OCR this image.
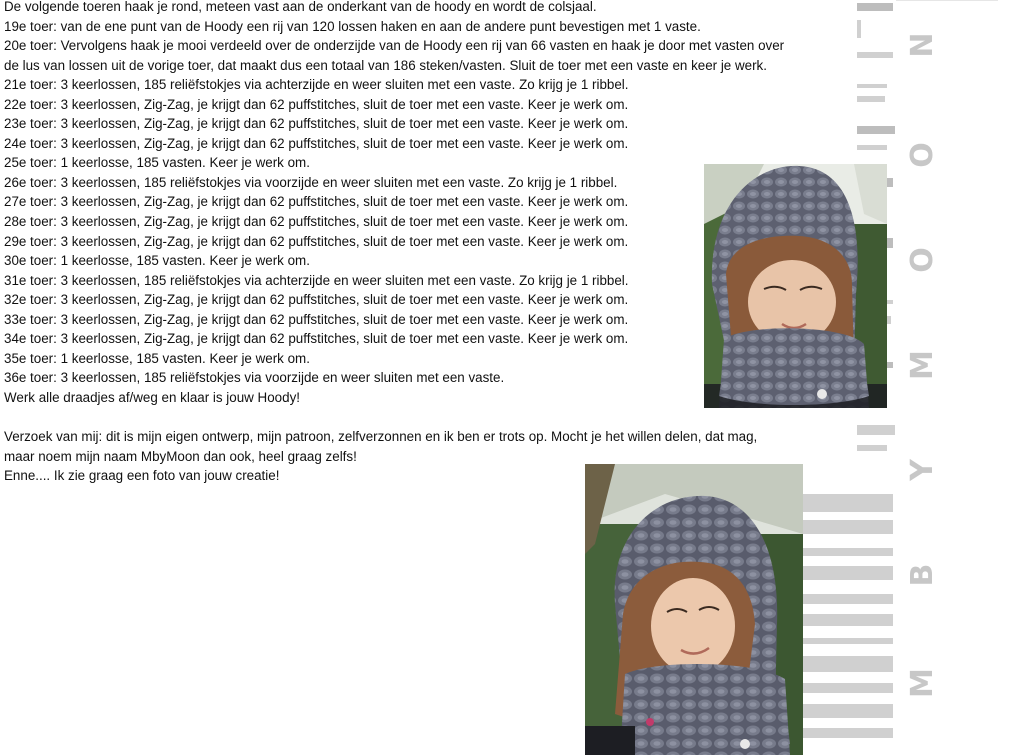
M
B
Y
M
O
O
N
De volgende toeren haak je rond, meteen vast aan de onderkant van de hoody en wordt de colsjaal.
19e toer: van de ene punt van de Hoody een rij van 120 lossen haken en aan de andere punt bevestigen met 1 vaste.
20e toer: Vervolgens haak je mooi verdeeld over de onderzijde van de Hoody een rij van 66 vasten en haak je door met vasten over
de lus van lossen uit de vorige toer, dat maakt dus een totaal van 186 steken/vasten. Sluit de toer met een vaste en keer je werk.
21e toer: 3 keerlossen, 185 reliëfstokjes via achterzijde en weer sluiten met een vaste. Zo krijg je 1 ribbel.
22e toer: 3 keerlossen, Zig-Zag, je krijgt dan 62 puffstitches, sluit de toer met een vaste. Keer je werk om.
23e toer: 3 keerlossen, Zig-Zag, je krijgt dan 62 puffstitches, sluit de toer met een vaste. Keer je werk om.
24e toer: 3 keerlossen, Zig-Zag, je krijgt dan 62 puffstitches, sluit de toer met een vaste. Keer je werk om.
25e toer: 1 keerlosse, 185 vasten. Keer je werk om.
26e toer: 3 keerlossen, 185 reliëfstokjes via voorzijde en weer sluiten met een vaste. Zo krijg je 1 ribbel.
27e toer: 3 keerlossen, Zig-Zag, je krijgt dan 62 puffstitches, sluit de toer met een vaste. Keer je werk om.
28e toer: 3 keerlossen, Zig-Zag, je krijgt dan 62 puffstitches, sluit de toer met een vaste. Keer je werk om.
29e toer: 3 keerlossen, Zig-Zag, je krijgt dan 62 puffstitches, sluit de toer met een vaste. Keer je werk om.
30e toer: 1 keerlosse, 185 vasten. Keer je werk om.
31e toer: 3 keerlossen, 185 reliëfstokjes via achterzijde en weer sluiten met een vaste. Zo krijg je 1 ribbel.
32e toer: 3 keerlossen, Zig-Zag, je krijgt dan 62 puffstitches, sluit de toer met een vaste. Keer je werk om.
33e toer: 3 keerlossen, Zig-Zag, je krijgt dan 62 puffstitches, sluit de toer met een vaste. Keer je werk om.
34e toer: 3 keerlossen, Zig-Zag, je krijgt dan 62 puffstitches, sluit de toer met een vaste. Keer je werk om.
35e toer: 1 keerlosse, 185 vasten. Keer je werk om.
36e toer: 3 keerlossen, 185 reliëfstokjes via voorzijde en weer sluiten met een vaste.
Werk alle draadjes af/weg en klaar is jouw Hoody!
Verzoek van mij: dit is mijn eigen ontwerp, mijn patroon, zelfverzonnen en ik ben er trots op. Mocht je het willen delen, dat mag,
maar noem mijn naam MbyMoon dan ook, heel graag zelfs!
Enne.... Ik zie graag een foto van jouw creatie!
